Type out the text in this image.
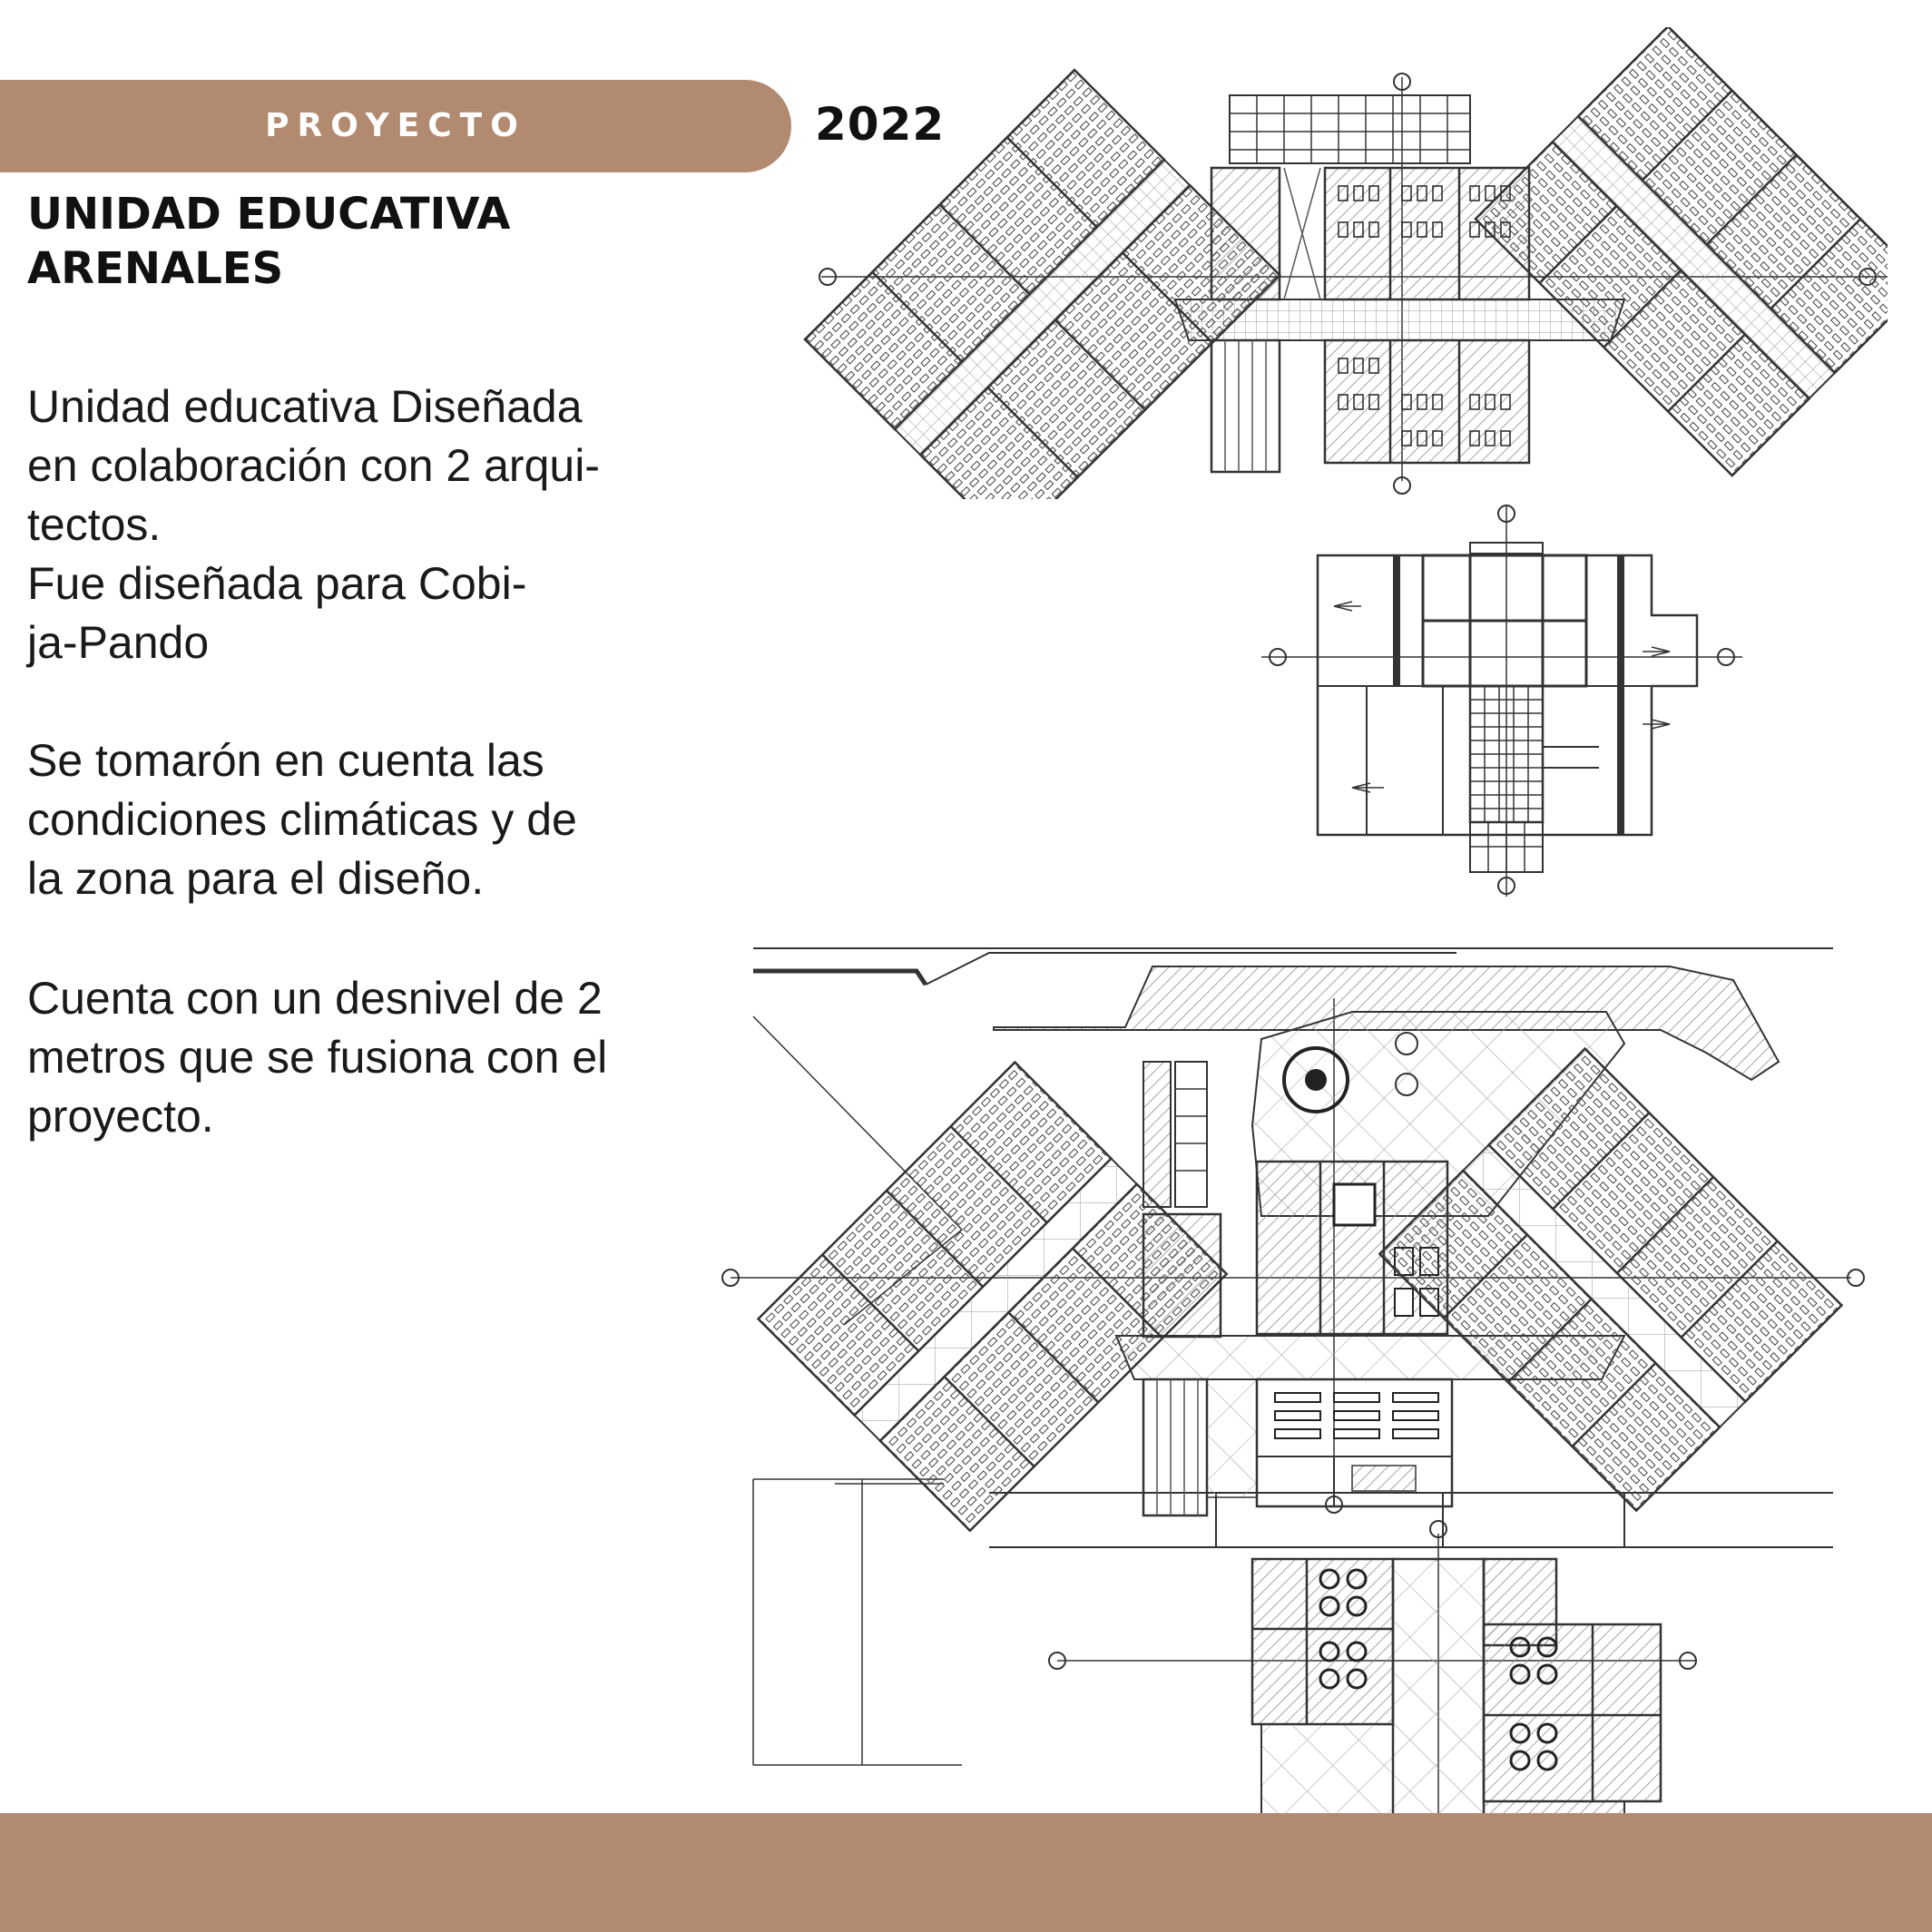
PROYECTO	2022
UNIDAD EDUCATIVA
ARENALES

Unidad educativa Diseñada

en colaboración con 2 arqui-

tectos.

Fue diseñada para Cobi-

ja-Pando

Se tomarón en cuenta las

condiciones climáticas y de

la zona para el diseño.

Cuenta con un desnivel de 2

metros que se fusiona con el

proyecto.
